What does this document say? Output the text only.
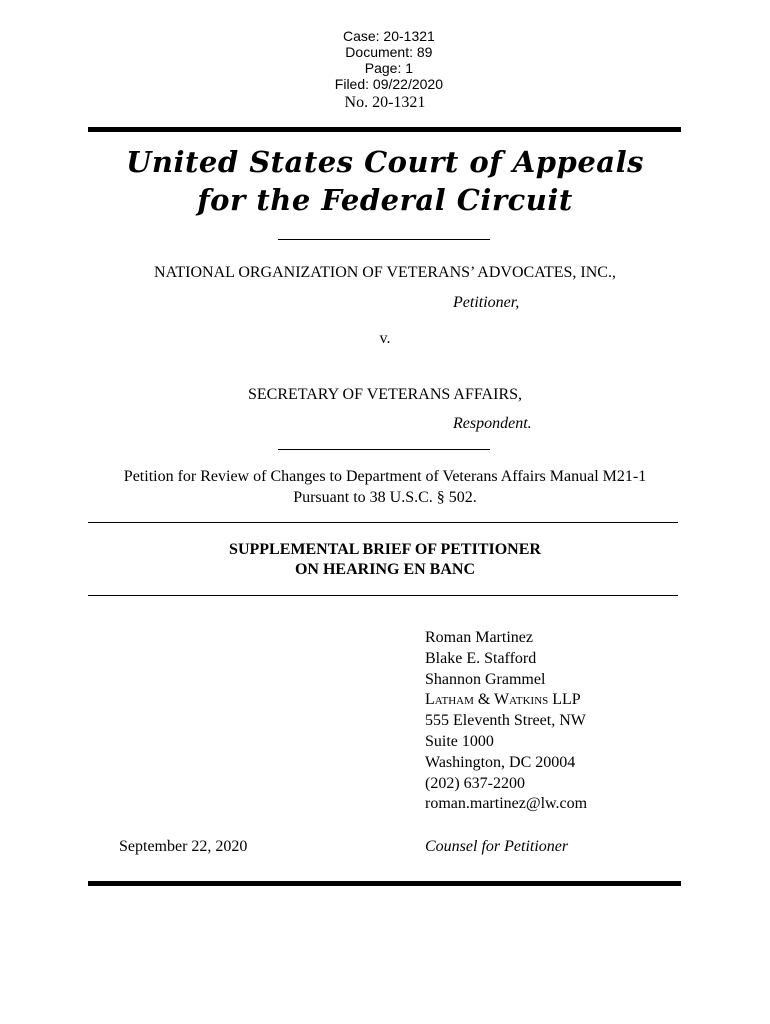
Case: 20-1321
Document: 89
Page: 1
Filed: 09/22/2020

No. 20-1321
United States Court of Appeals
for the Federal Circuit
NATIONAL ORGANIZATION OF VETERANS’ ADVOCATES, INC.,
Petitioner,
v.
SECRETARY OF VETERANS AFFAIRS,
Respondent.
Petition for Review of Changes to Department of Veterans Affairs Manual M21-1
Pursuant to 38 U.S.C. § 502.
SUPPLEMENTAL BRIEF OF PETITIONER
ON HEARING EN BANC
Roman Martinez
Blake E. Stafford
Shannon Grammel
Latham & Watkins LLP
555 Eleventh Street, NW
Suite 1000
Washington, DC 20004
(202) 637-2200
roman.martinez@lw.com
September 22, 2020	Counsel for Petitioner
